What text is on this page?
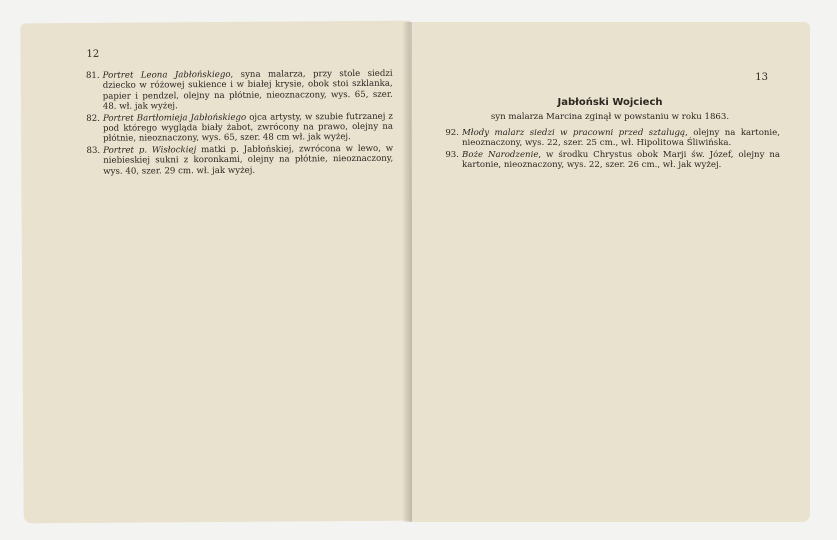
12
81. Portret Leona Jabłońskiego, syna malarza, przy stole siedzi dziecko w różowej sukience i w białej krysie, obok stoi szklanka, papier i pendzel, olejny na płótnie, nieoznaczony, wys. 65, szer. 48. wł. jak wyżej.
82. Portret Bartłomieja Jabłońskiego ojca artysty, w szubie futrzanej z pod którego wygląda biały żabot, zwrócony na prawo, olejny na płótnie, nieoznaczony, wys. 65, szer. 48 cm wł. jak wyżej.
83. Portret p. Wisłockiej matki p. Jabłońskiej, zwrócona w lewo, w niebieskiej sukni z koronkami, olejny na płótnie, nieoznaczony, wys. 40, szer. 29 cm. wł. jak wyżej.
13
Jabłoński Wojciech
syn malarza Marcina zginął w powstaniu w roku 1863.
92. Młody malarz siedzi w pracowni przed sztalugą, olejny na kartonie, nieoznaczony, wys. 22, szer. 25 cm., wł. Hipolitowa Śliwińska.
93. Boże Narodzenie, w środku Chrystus obok Marji św. Józef, olejny na kartonie, nieoznaczony, wys. 22, szer. 26 cm., wł. jak wyżej.
